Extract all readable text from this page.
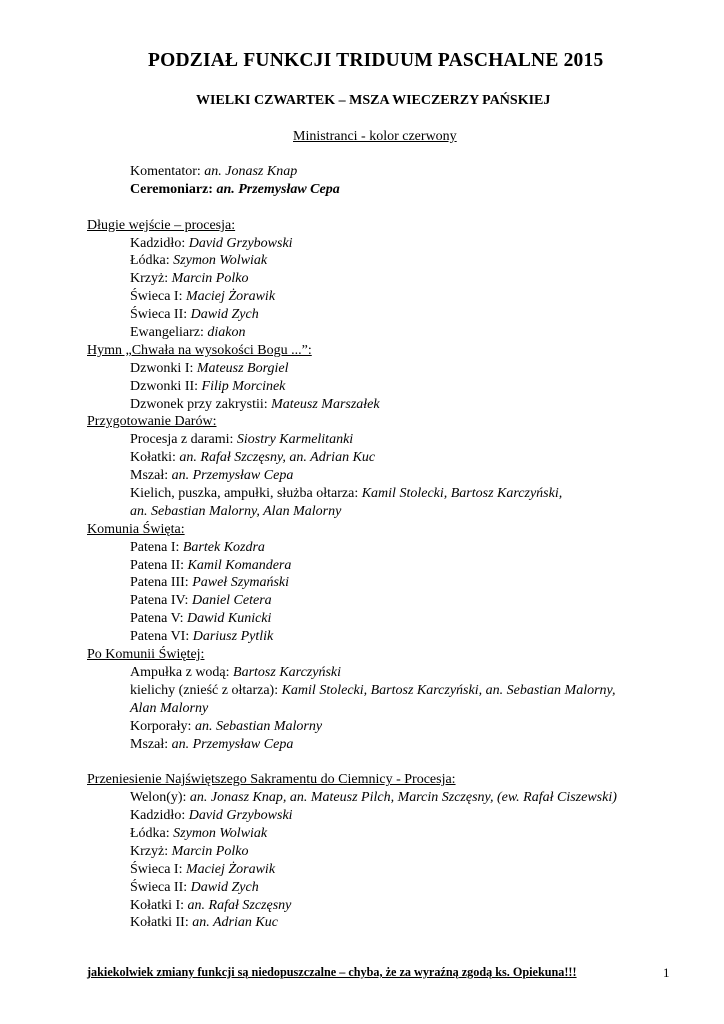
PODZIAŁ FUNKCJI TRIDUUM PASCHALNE 2015
WIELKI CZWARTEK – MSZA WIECZERZY PAŃSKIEJ
Ministranci - kolor czerwony
Komentator: an. Jonasz Knap
Ceremoniarz: an. Przemysław Cepa
Długie wejście – procesja:
Kadzidło: David Grzybowski
Łódka: Szymon Wolwiak
Krzyż: Marcin Polko
Świeca I: Maciej Żorawik
Świeca II: Dawid Zych
Ewangeliarz: diakon
Hymn „Chwała na wysokości Bogu ...”:
Dzwonki I: Mateusz Borgiel
Dzwonki II: Filip Morcinek
Dzwonek przy zakrystii: Mateusz Marszałek
Przygotowanie Darów:
Procesja z darami: Siostry Karmelitanki
Kołatki: an. Rafał Szczęsny, an. Adrian Kuc
Mszał: an. Przemysław Cepa
Kielich, puszka, ampułki, służba ołtarza: Kamil Stolecki, Bartosz Karczyński,
an. Sebastian Malorny, Alan Malorny
Komunia Święta:
Patena I: Bartek Kozdra
Patena II: Kamil Komandera
Patena III: Paweł Szymański
Patena IV: Daniel Cetera
Patena V: Dawid Kunicki
Patena VI: Dariusz Pytlik
Po Komunii Świętej:
Ampułka z wodą: Bartosz Karczyński
kielichy (znieść z ołtarza): Kamil Stolecki, Bartosz Karczyński, an. Sebastian Malorny,
Alan Malorny
Korporały: an. Sebastian Malorny
Mszał: an. Przemysław Cepa
Przeniesienie Najświętszego Sakramentu do Ciemnicy - Procesja:
Welon(y): an. Jonasz Knap, an. Mateusz Pilch, Marcin Szczęsny, (ew. Rafał Ciszewski)
Kadzidło: David Grzybowski
Łódka: Szymon Wolwiak
Krzyż: Marcin Polko
Świeca I: Maciej Żorawik
Świeca II: Dawid Zych
Kołatki I: an. Rafał Szczęsny
Kołatki II: an. Adrian Kuc
jakiekolwiek zmiany funkcji są niedopuszczalne – chyba, że za wyraźną zgodą ks. Opiekuna!!!	1
